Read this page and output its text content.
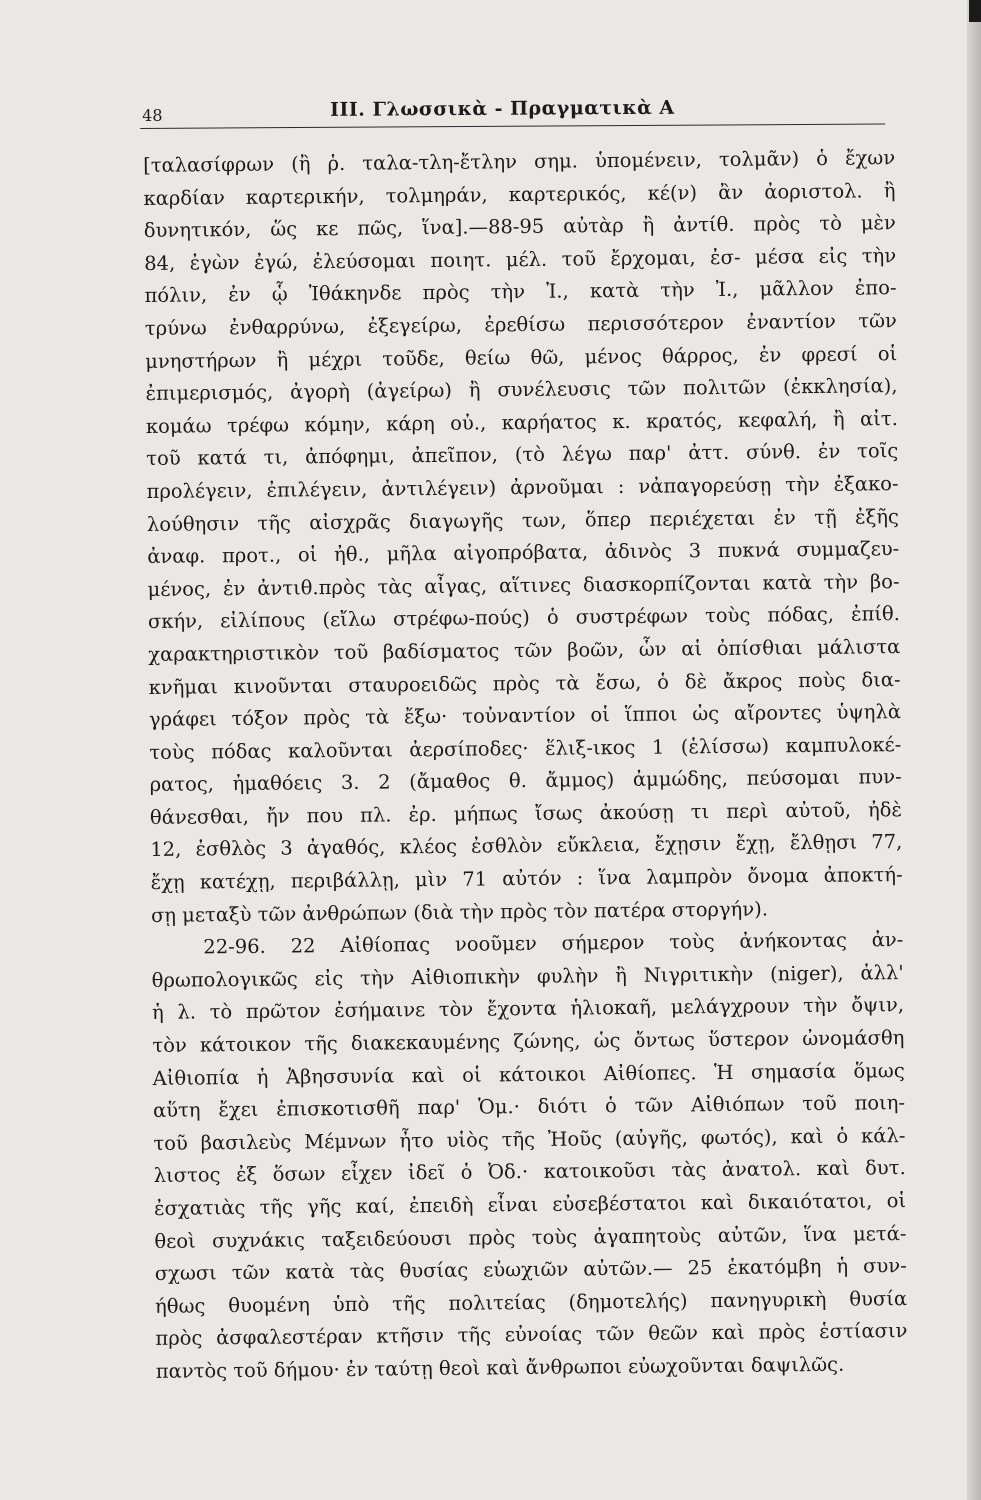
48	III. Γλωσσικὰ - Πραγματικὰ Α
[ταλασίφρων (ἢ ῥ. ταλα-τλη-ἔτλην σημ. ὑπομένειν, τολμᾶν) ὁ ἔχων
καρδίαν καρτερικήν, τολμηράν, καρτερικός, κέ(ν) ἂν ἀοριστολ. ἢ
δυνητικόν, ὥς κε πῶς, ἵνα].—88-95 αὐτὰρ ἢ ἀντίθ. πρὸς τὸ μὲν
84, ἐγὼν ἐγώ, ἐλεύσομαι ποιητ. μέλ. τοῦ ἔρχομαι, ἐσ- μέσα εἰς τὴν
πόλιν, ἐν ᾧ Ἰθάκηνδε πρὸς τὴν Ἰ., κατὰ τὴν Ἰ., μᾶλλον ἐπο-
τρύνω ἐνθαρρύνω, ἐξεγείρω, ἐρεθίσω περισσότερον ἐναντίον τῶν
μνηστήρων ἢ μέχρι τοῦδε, θείω θῶ, μένος θάρρος, ἐν φρεσί οἱ
ἐπιμερισμός, ἀγορὴ (ἀγείρω) ἢ συνέλευσις τῶν πολιτῶν (ἐκκλησία),
κομάω τρέφω κόμην, κάρη οὐ., καρήατος κ. κρατός, κεφαλή, ἢ αἰτ.
τοῦ κατά τι, ἀπόφημι, ἀπεῖπον, (τὸ λέγω παρ' ἀττ. σύνθ. ἐν τοῖς
προλέγειν, ἐπιλέγειν, ἀντιλέγειν) ἀρνοῦμαι : νἀπαγορεύσῃ τὴν ἐξακο-
λούθησιν τῆς αἰσχρᾶς διαγωγῆς των, ὅπερ περιέχεται ἐν τῇ ἐξῆς
ἀναφ. προτ., οἱ ἠθ., μῆλα αἰγοπρόβατα, ἀδινὸς 3 πυκνά συμμαζευ-
μένος, ἐν ἀντιθ.πρὸς τὰς αἶγας, αἵτινες διασκορπίζονται κατὰ τὴν βο-
σκήν, εἰλίπους (εἴλω στρέφω-πούς) ὁ συστρέφων τοὺς πόδας, ἐπίθ.
χαρακτηριστικὸν τοῦ βαδίσματος τῶν βοῶν, ὧν αἱ ὀπίσθιαι μάλιστα
κνῆμαι κινοῦνται σταυροειδῶς πρὸς τὰ ἔσω, ὁ δὲ ἄκρος ποὺς δια-
γράφει τόξον πρὸς τὰ ἔξω· τοὐναντίον οἱ ἵπποι ὡς αἴροντες ὑψηλὰ
τοὺς πόδας καλοῦνται ἀερσίποδες· ἕλιξ-ικος 1 (ἑλίσσω) καμπυλοκέ-
ρατος, ἠμαθόεις 3. 2 (ἄμαθος θ. ἄμμος) ἀμμώδης, πεύσομαι πυν-
θάνεσθαι, ἤν που πλ. ἐρ. μήπως ἴσως ἀκούσῃ τι περὶ αὐτοῦ, ἠδὲ
12, ἐσθλὸς 3 ἀγαθός, κλέος ἐσθλὸν εὔκλεια, ἔχῃσιν ἔχῃ, ἔλθῃσι 77,
ἔχῃ κατέχῃ, περιβάλλῃ, μὶν 71 αὐτόν : ἵνα λαμπρὸν ὄνομα ἀποκτή-
σῃ μεταξὺ τῶν ἀνθρώπων (διὰ τὴν πρὸς τὸν πατέρα στοργήν).
22-96. 22 Αἰθίοπας νοοῦμεν σήμερον τοὺς ἀνήκοντας ἀν-
θρωπολογικῶς εἰς τὴν Αἰθιοπικὴν φυλὴν ἢ Νιγριτικὴν (niger), ἀλλ'
ἡ λ. τὸ πρῶτον ἐσήμαινε τὸν ἔχοντα ἡλιοκαῆ, μελάγχρουν τὴν ὄψιν,
τὸν κάτοικον τῆς διακεκαυμένης ζώνης, ὡς ὄντως ὕστερον ὠνομάσθη
Αἰθιοπία ἡ Ἀβησσυνία καὶ οἱ κάτοικοι Αἰθίοπες. Ἡ σημασία ὅμως
αὕτη ἔχει ἐπισκοτισθῆ παρ' Ὁμ.· διότι ὁ τῶν Αἰθιόπων τοῦ ποιη-
τοῦ βασιλεὺς Μέμνων ἦτο υἱὸς τῆς Ἠοῦς (αὐγῆς, φωτός), καὶ ὁ κάλ-
λιστος ἐξ ὅσων εἶχεν ἰδεῖ ὁ Ὀδ.· κατοικοῦσι τὰς ἀνατολ. καὶ δυτ.
ἐσχατιὰς τῆς γῆς καί, ἐπειδὴ εἶναι εὐσεβέστατοι καὶ δικαιότατοι, οἱ
θεοὶ συχνάκις ταξειδεύουσι πρὸς τοὺς ἀγαπητοὺς αὐτῶν, ἵνα μετά-
σχωσι τῶν κατὰ τὰς θυσίας εὐωχιῶν αὐτῶν.— 25 ἑκατόμβη ἡ συν-
ήθως θυομένη ὑπὸ τῆς πολιτείας (δημοτελής) πανηγυρικὴ θυσία
πρὸς ἀσφαλεστέραν κτῆσιν τῆς εὐνοίας τῶν θεῶν καὶ πρὸς ἑστίασιν
παντὸς τοῦ δήμου· ἐν ταύτῃ θεοὶ καὶ ἄνθρωποι εὐωχοῦνται δαψιλῶς.
